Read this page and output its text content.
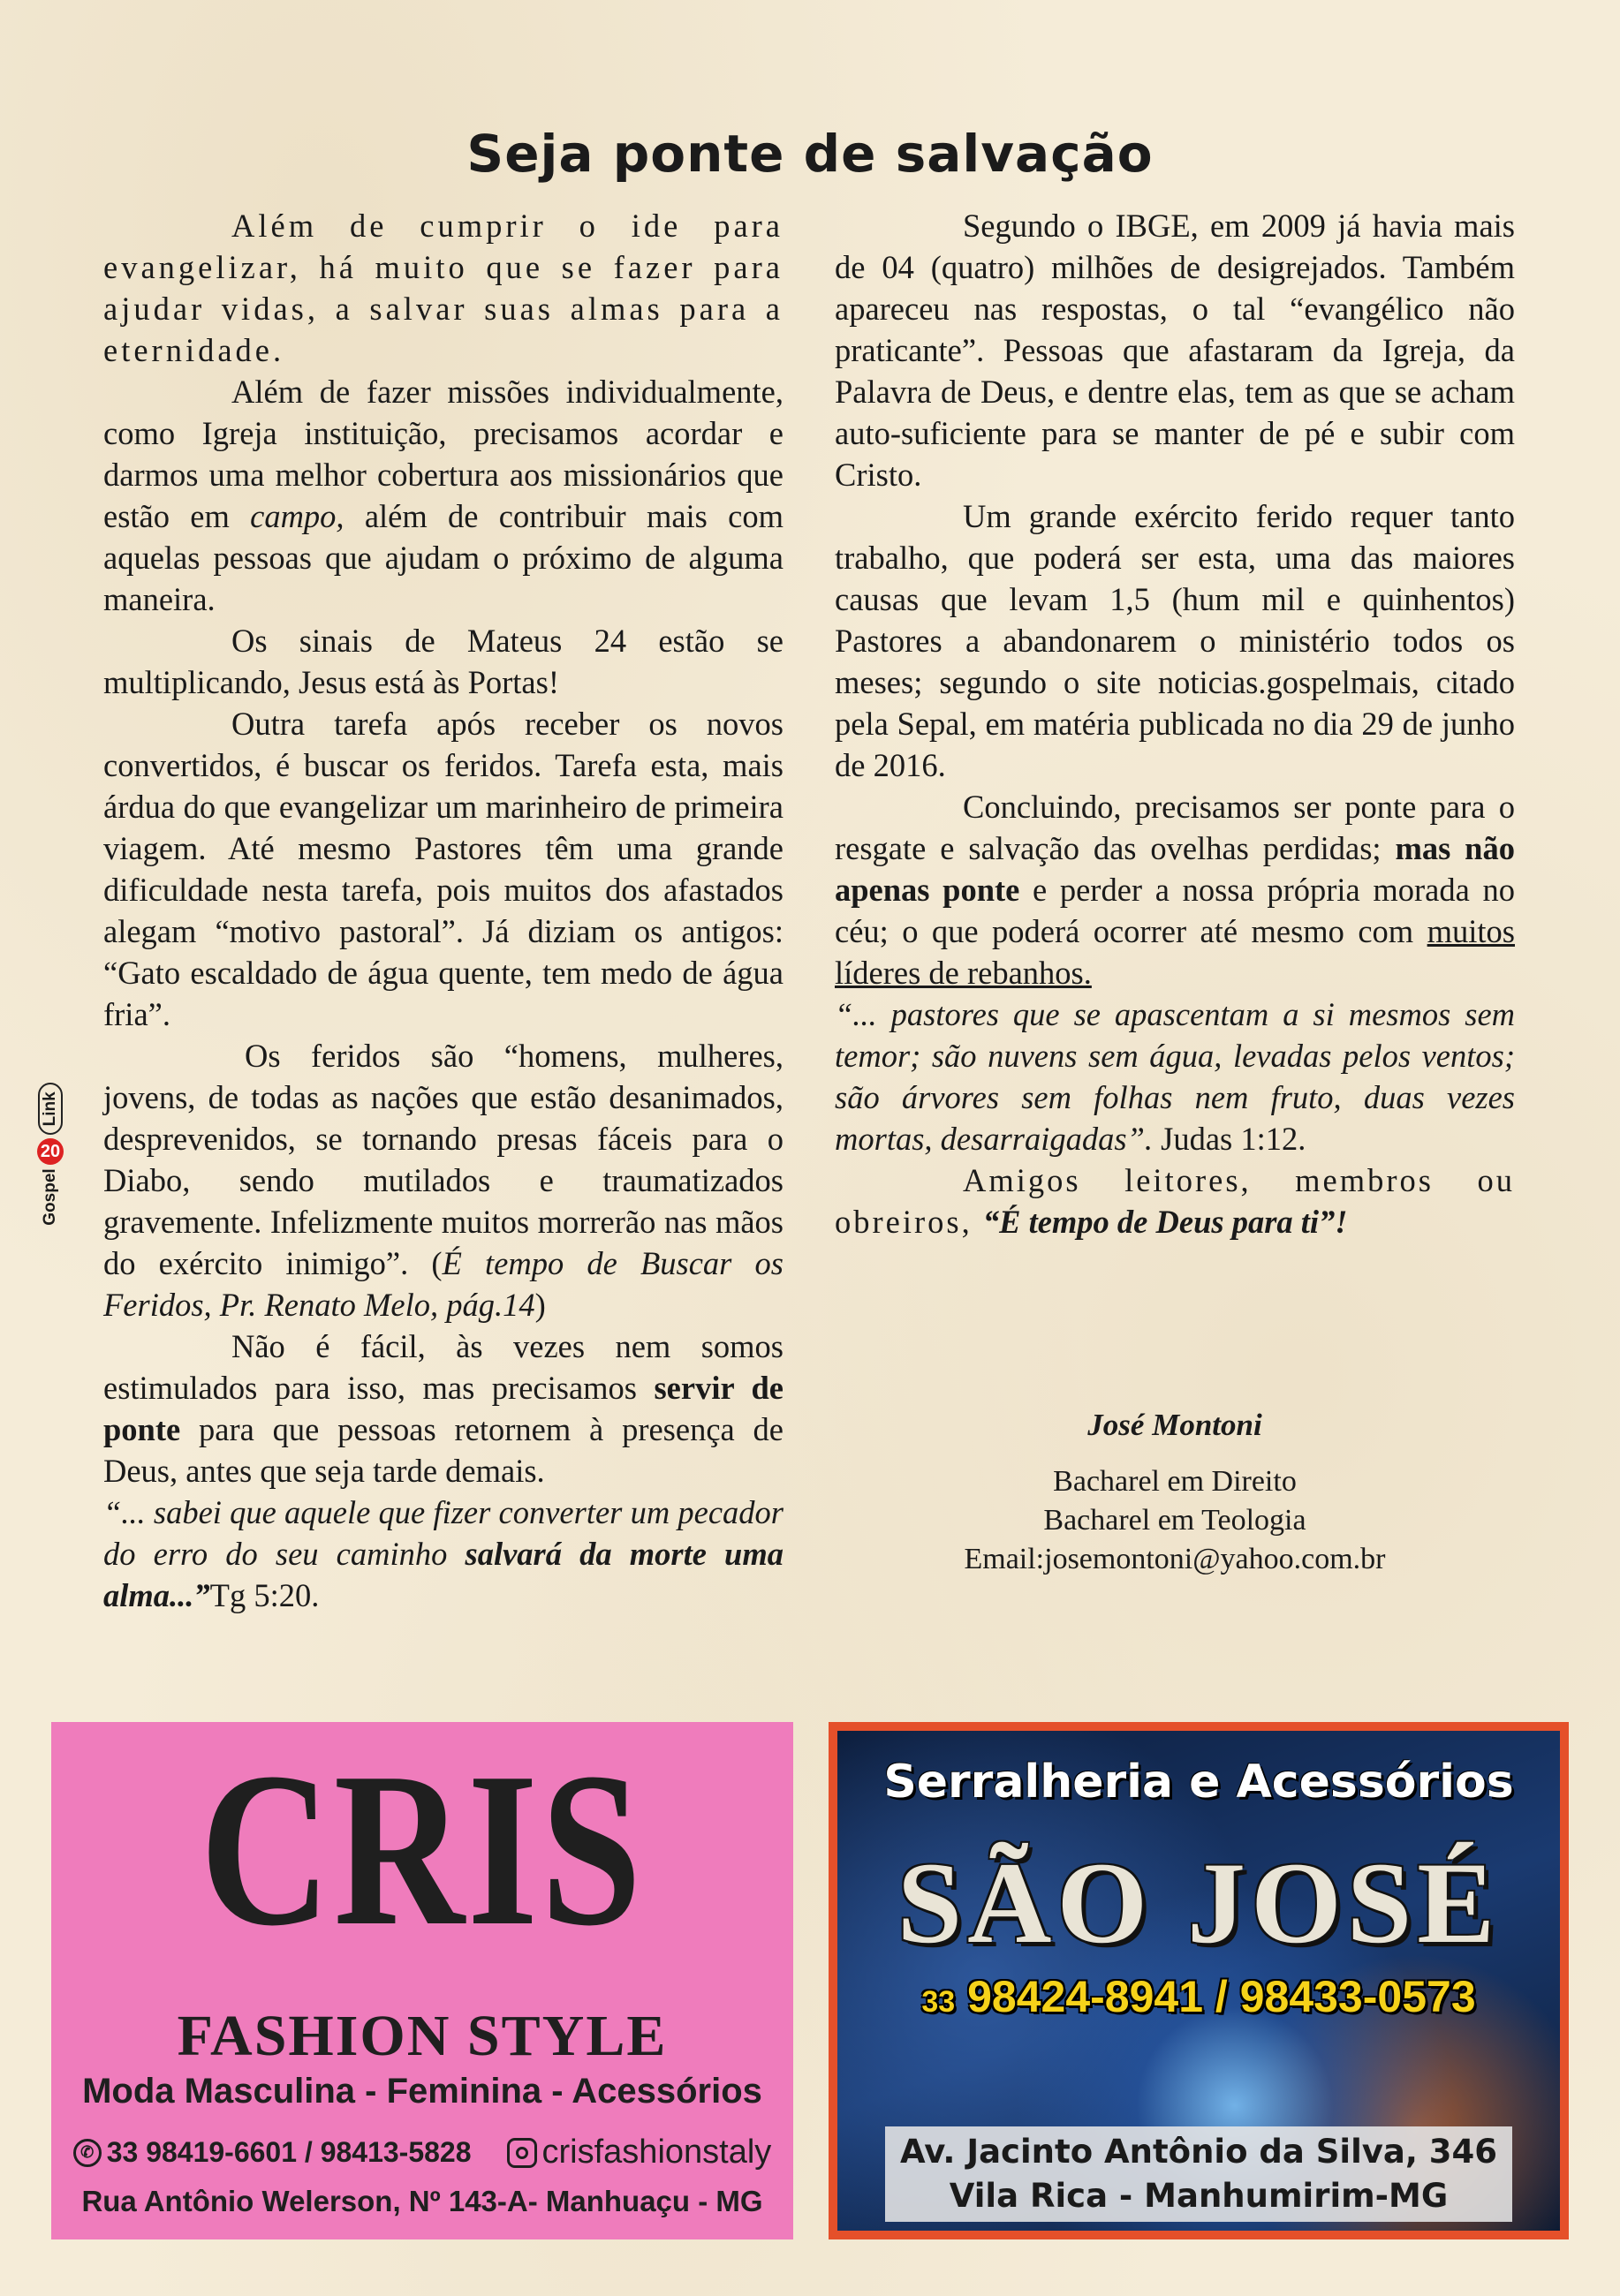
Seja ponte de salvação

Além de cumprir o ide para evangelizar, há muito que se fazer para ajudar vidas, a salvar suas almas para a eternidade.

Além de fazer missões individualmente, como Igreja instituição, precisamos acordar e darmos uma melhor cobertura aos missionários que estão em campo, além de contribuir mais com aquelas pessoas que ajudam o próximo de alguma maneira.

Os sinais de Mateus 24 estão se multiplicando, Jesus está às Portas!

Outra tarefa após receber os novos convertidos, é buscar os feridos. Tarefa esta, mais árdua do que evangelizar um marinheiro de primeira viagem. Até mesmo Pastores têm uma grande dificuldade nesta tarefa, pois muitos dos afastados alegam “motivo pastoral”. Já diziam os antigos: “Gato escaldado de água quente, tem medo de água fria”.

Os feridos são “homens, mulheres, jovens, de todas as nações que estão desanimados, desprevenidos, se tornando presas fáceis para o Diabo, sendo mutilados e traumatizados gravemente. Infelizmente muitos morrerão nas mãos do exército inimigo”. (É tempo de Buscar os Feridos, Pr. Renato Melo, pág.14)

Não é fácil, às vezes nem somos estimulados para isso, mas precisamos servir de ponte para que pessoas retornem à presença de Deus, antes que seja tarde demais.

“... sabei que aquele que fizer converter um pecador do erro do seu caminho salvará da morte uma alma...”Tg 5:20.

Segundo o IBGE, em 2009 já havia mais de 04 (quatro) milhões de desigrejados. Também apareceu nas respostas, o tal “evangélico não praticante”. Pessoas que afastaram da Igreja, da Palavra de Deus, e dentre elas, tem as que se acham auto-suficiente para se manter de pé e subir com Cristo.

Um grande exército ferido requer tanto trabalho, que poderá ser esta, uma das maiores causas que levam 1,5 (hum mil e quinhentos) Pastores a abandonarem o ministério todos os meses; segundo o site noticias.gospelmais, citado pela Sepal, em matéria publicada no dia 29 de junho de 2016.

Concluindo, precisamos ser ponte para o resgate e salvação das ovelhas perdidas; mas não apenas ponte e perder a nossa própria morada no céu; o que poderá ocorrer até mesmo com muitos líderes de rebanhos.

“... pastores que se apascentam a si mesmos sem temor; são nuvens sem água, levadas pelos ventos; são árvores sem folhas nem fruto, duas vezes mortas, desarraigadas”. Judas 1:12.

Amigos leitores, membros ou obreiros, “É tempo de Deus para ti”!

José Montoni
Bacharel em Direito
Bacharel em Teologia
Email:josemontoni@yahoo.com.br
Gospel
20
Link
CRIS
FASHION STYLE
Moda Masculina - Feminina - Acessórios
✆ 33 98419-6601 / 98413-5828 crisfashionstaly
Rua Antônio Welerson, Nº 143-A- Manhuaçu - MG
Serralheria e Acessórios
SÃO JOSÉ
33 98424-8941 / 98433-0573
Av. Jacinto Antônio da Silva, 346
Vila Rica - Manhumirim-MG
